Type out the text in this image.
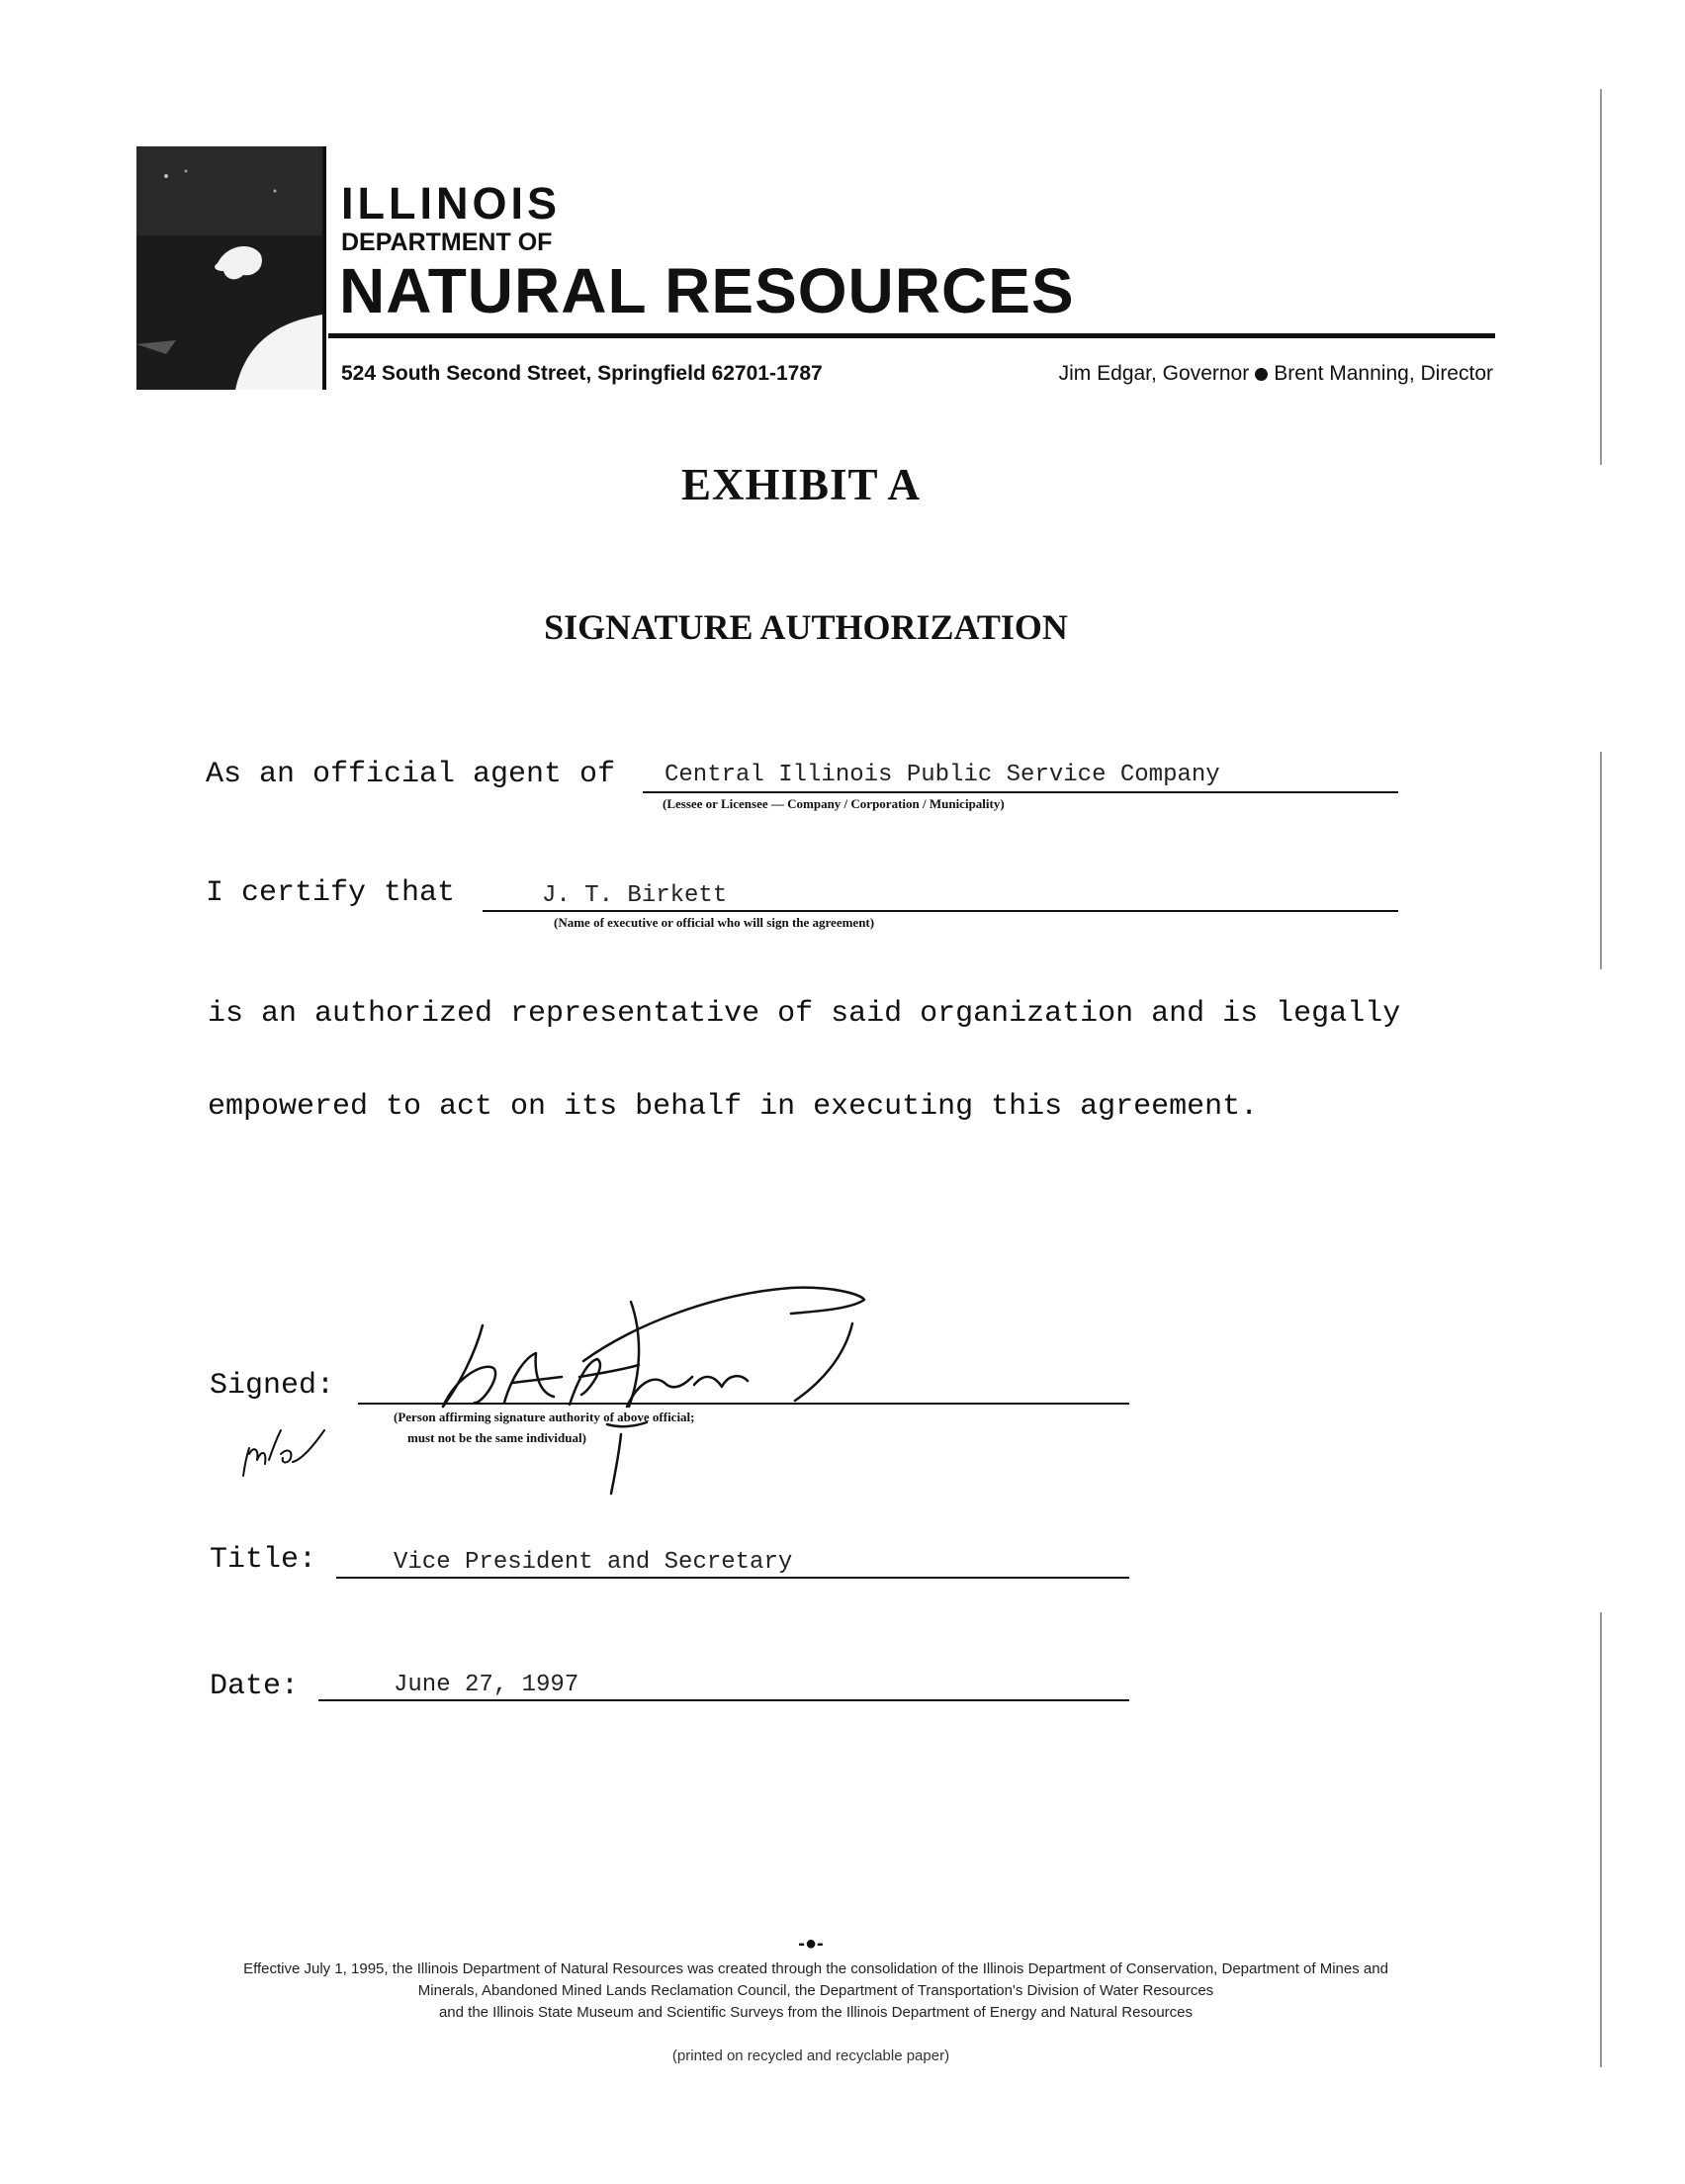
ILLINOIS
DEPARTMENT OF
NATURAL RESOURCES
524 South Second Street, Springfield 62701-1787	Jim Edgar, Governor Brent Manning, Director
EXHIBIT A
SIGNATURE AUTHORIZATION
As an official agent of Central Illinois Public Service Company
(Lessee or Licensee — Company / Corporation / Municipality)
I certify that	J. T. Birkett
(Name of executive or official who will sign the agreement)
is an authorized representative of said organization and is legally
empowered to act on its behalf in executing this agreement.
Signed:
(Person affirming signature authority of above official;
must not be the same individual)
Title:	Vice President and Secretary
Date:	June 27, 1997
-●-
Effective July 1, 1995, the Illinois Department of Natural Resources was created through the consolidation of the Illinois Department of Conservation, Department of Mines and
Minerals, Abandoned Mined Lands Reclamation Council, the Department of Transportation's Division of Water Resources
and the Illinois State Museum and Scientific Surveys from the Illinois Department of Energy and Natural Resources
(printed on recycled and recyclable paper)
